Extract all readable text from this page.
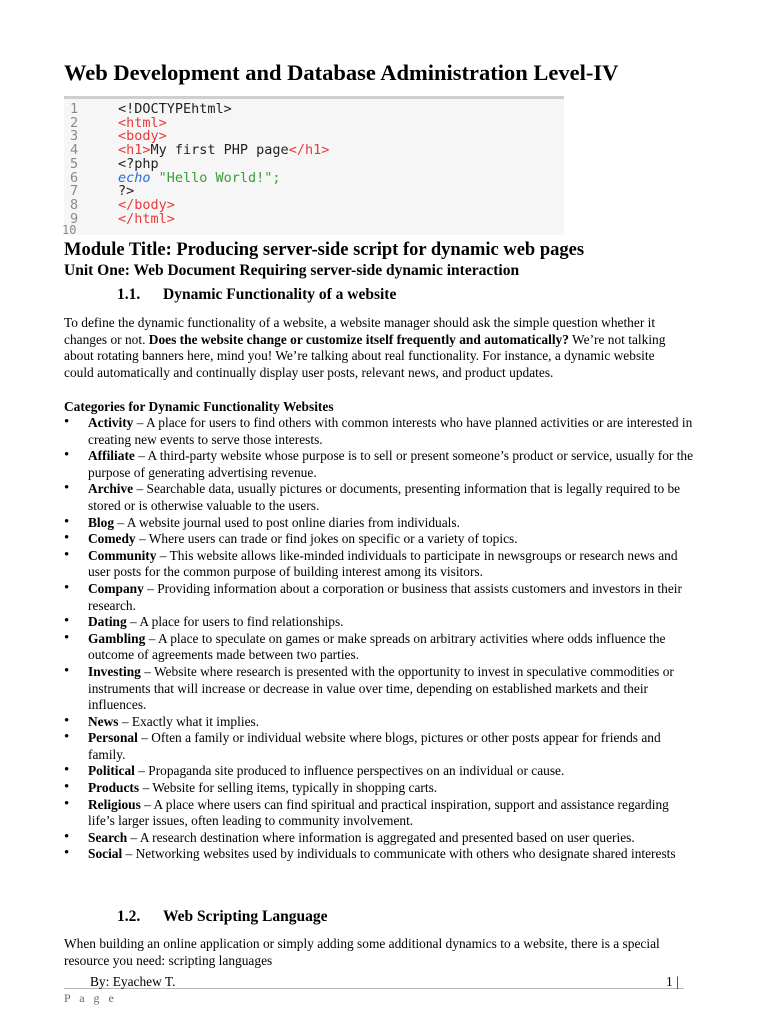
Web Development and Database Administration Level-IV
1	<!DOCTYPEhtml>
2	<html>
3	<body>
4	<h1>My first PHP page</h1>
5	<?php
6	echo "Hello World!";
7	?>
8	</body>
9	</html>
10
Module Title: Producing server-side script for dynamic web pages
Unit One: Web Document Requiring server-side dynamic interaction
1.1. Dynamic Functionality of a website
To define the dynamic functionality of a website, a website manager should ask the simple question whether it changes or not. Does the website change or customize itself frequently and automatically? We’re not talking about rotating banners here, mind you! We’re talking about real functionality. For instance, a dynamic website could automatically and continually display user posts, relevant news, and product updates.
Categories for Dynamic Functionality Websites
• Activity – A place for users to find others with common interests who have planned activities or are interested in creating new events to serve those interests.
• Affiliate – A third-party website whose purpose is to sell or present someone’s product or service, usually for the purpose of generating advertising revenue.
• Archive – Searchable data, usually pictures or documents, presenting information that is legally required to be stored or is otherwise valuable to the users.
• Blog – A website journal used to post online diaries from individuals.
• Comedy – Where users can trade or find jokes on specific or a variety of topics.
• Community – This website allows like-minded individuals to participate in newsgroups or research news and user posts for the common purpose of building interest among its visitors.
• Company – Providing information about a corporation or business that assists customers and investors in their research.
• Dating – A place for users to find relationships.
• Gambling – A place to speculate on games or make spreads on arbitrary activities where odds influence the outcome of agreements made between two parties.
• Investing – Website where research is presented with the opportunity to invest in speculative commodities or instruments that will increase or decrease in value over time, depending on established markets and their influences.
• News – Exactly what it implies.
• Personal – Often a family or individual website where blogs, pictures or other posts appear for friends and family.
• Political – Propaganda site produced to influence perspectives on an individual or cause.
• Products – Website for selling items, typically in shopping carts.
• Religious – A place where users can find spiritual and practical inspiration, support and assistance regarding life’s larger issues, often leading to community involvement.
• Search – A research destination where information is aggregated and presented based on user queries.
• Social – Networking websites used by individuals to communicate with others who designate shared interests
1.2. Web Scripting Language
When building an online application or simply adding some additional dynamics to a website, there is a special resource you need: scripting languages
By: Eyachew T.	1 |
P a g e
